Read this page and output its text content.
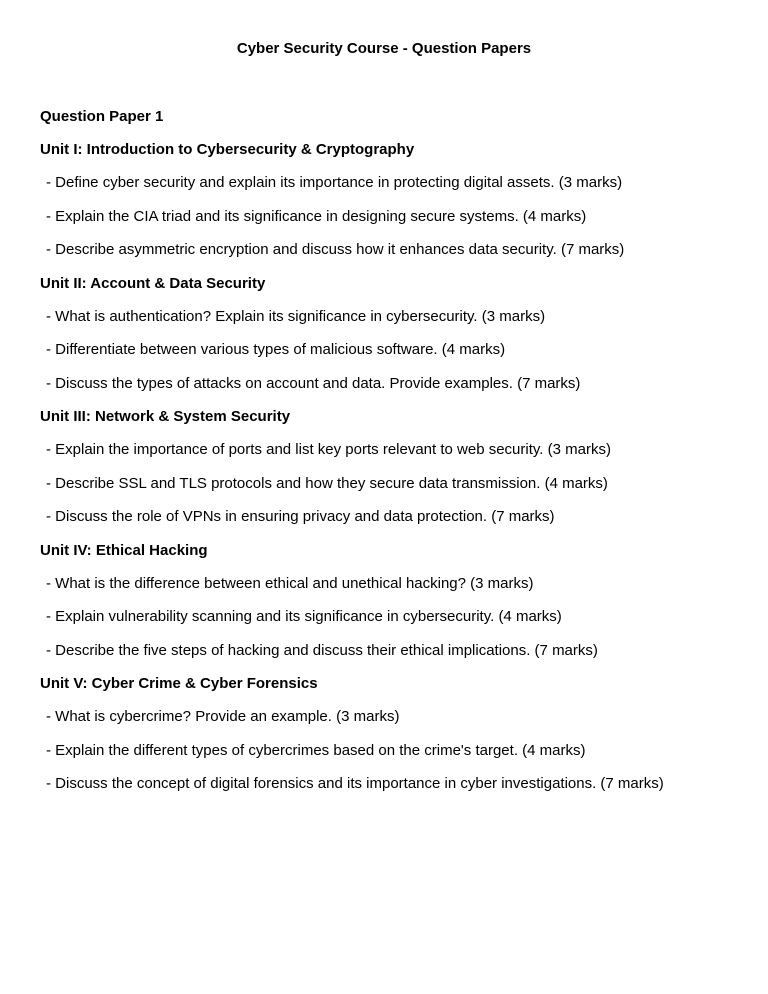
Cyber Security Course - Question Papers
Question Paper 1
Unit I: Introduction to Cybersecurity & Cryptography
- Define cyber security and explain its importance in protecting digital assets. (3 marks)
- Explain the CIA triad and its significance in designing secure systems. (4 marks)
- Describe asymmetric encryption and discuss how it enhances data security. (7 marks)
Unit II: Account & Data Security
- What is authentication? Explain its significance in cybersecurity. (3 marks)
- Differentiate between various types of malicious software. (4 marks)
- Discuss the types of attacks on account and data. Provide examples. (7 marks)
Unit III: Network & System Security
- Explain the importance of ports and list key ports relevant to web security. (3 marks)
- Describe SSL and TLS protocols and how they secure data transmission. (4 marks)
- Discuss the role of VPNs in ensuring privacy and data protection. (7 marks)
Unit IV: Ethical Hacking
- What is the difference between ethical and unethical hacking? (3 marks)
- Explain vulnerability scanning and its significance in cybersecurity. (4 marks)
- Describe the five steps of hacking and discuss their ethical implications. (7 marks)
Unit V: Cyber Crime & Cyber Forensics
- What is cybercrime? Provide an example. (3 marks)
- Explain the different types of cybercrimes based on the crime's target. (4 marks)
- Discuss the concept of digital forensics and its importance in cyber investigations. (7 marks)
